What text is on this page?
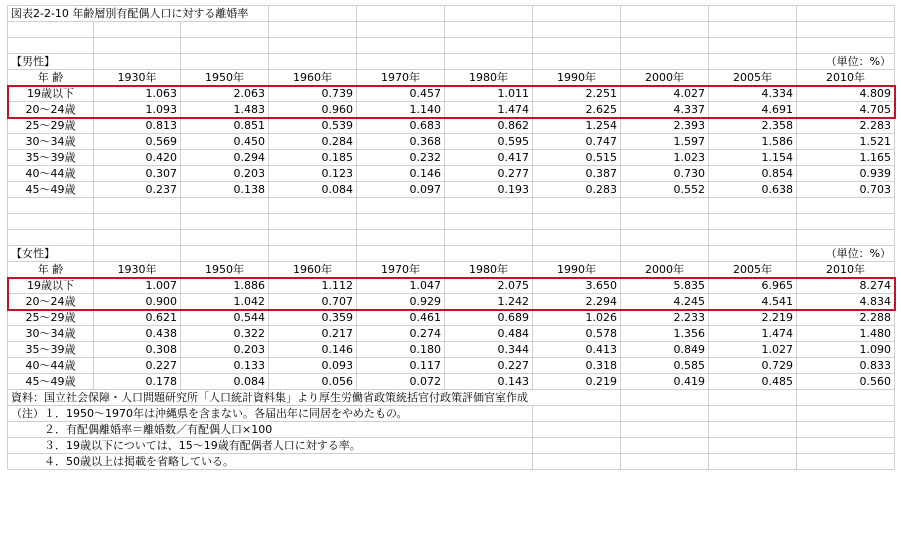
図表2-2-10 年齢層別有配偶人口に対する離婚率									

【男性】									（単位：%）
年 齢	1930年	1950年	1960年	1970年	1980年	1990年	2000年	2005年	2010年
19歳以下	1.063	2.063	0.739	0.457	1.011	2.251	4.027	4.334	4.809
20〜24歳	1.093	1.483	0.960	1.140	1.474	2.625	4.337	4.691	4.705
25〜29歳	0.813	0.851	0.539	0.683	0.862	1.254	2.393	2.358	2.283
30〜34歳	0.569	0.450	0.284	0.368	0.595	0.747	1.597	1.586	1.521
35〜39歳	0.420	0.294	0.185	0.232	0.417	0.515	1.023	1.154	1.165
40〜44歳	0.307	0.203	0.123	0.146	0.277	0.387	0.730	0.854	0.939
45〜49歳	0.237	0.138	0.084	0.097	0.193	0.283	0.552	0.638	0.703

【女性】									（単位：%）
年 齢	1930年	1950年	1960年	1970年	1980年	1990年	2000年	2005年	2010年
19歳以下	1.007	1.886	1.112	1.047	2.075	3.650	5.835	6.965	8.274
20〜24歳	0.900	1.042	0.707	0.929	1.242	2.294	4.245	4.541	4.834
25〜29歳	0.621	0.544	0.359	0.461	0.689	1.026	2.233	2.219	2.288
30〜34歳	0.438	0.322	0.217	0.274	0.484	0.578	1.356	1.474	1.480
35〜39歳	0.308	0.203	0.146	0.180	0.344	0.413	0.849	1.027	1.090
40〜44歳	0.227	0.133	0.093	0.117	0.227	0.318	0.585	0.729	0.833
45〜49歳	0.178	0.084	0.056	0.072	0.143	0.219	0.419	0.485	0.560
資料：国立社会保障・人口問題研究所「人口統計資料集」より厚生労働省政策統括官付政策評価官室作成									
（注）１．1950〜1970年は沖縄県を含まない。各届出年に同居をやめたもの。									
　　　２．有配偶離婚率＝離婚数／有配偶人口×100									
　　　３．19歳以下については、15〜19歳有配偶者人口に対する率。									
　　　４．50歳以上は掲載を省略している。									
